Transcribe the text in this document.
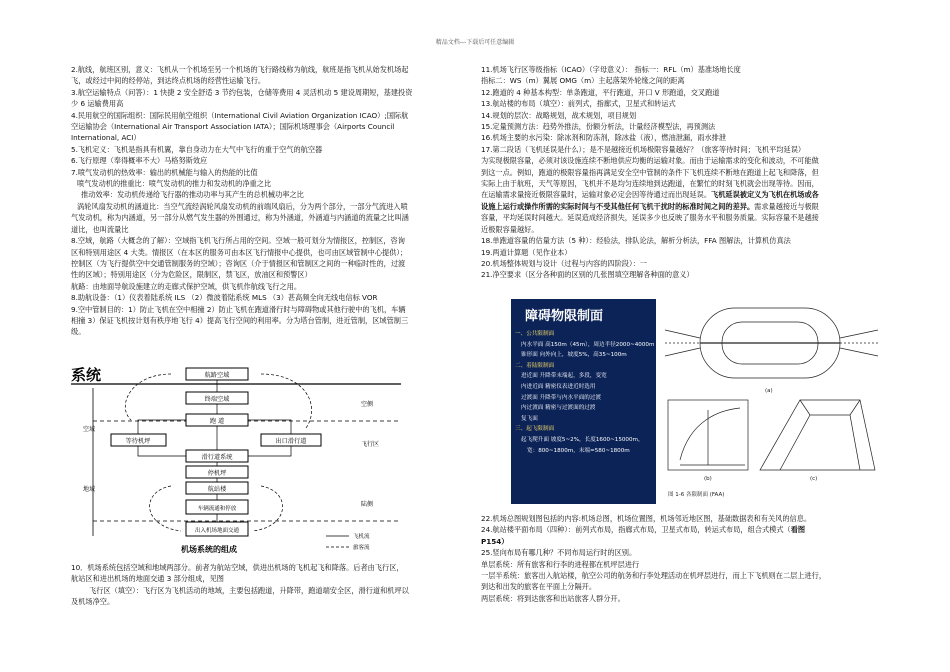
精品文档---下载后可任意编辑

2.航线，航班区别，意义：飞机从一个机场至另一个机场的飞行路线称为航线，航班是指飞机从始发机场起

飞，或经过中间的经停站，到达终点机场的经营性运输飞行。

3.航空运输特点（问答）：1 快捷 2 安全舒适 3 节约包装，仓储等费用 4 灵活机动 5 建设周期短，基建投资

少 6 运输费用高

4.民用航空的国际组织：国际民用航空组织（International Civil Aviation Organization ICAO）;国际航

空运输协会（International Air Transport Association IATA）；国际机场理事会（Airports Council

International, ACI）

5.飞机定义：飞机是指具有机翼，靠自身动力在大气中飞行的重于空气的航空器

6.飞行原理（奉得概率不大）马格努斯效应

7.喷气发动机的热效率：输出的机械能与输入的热能的比值

喷气发动机的推重比：喷气发动机的推力和发动机的净重之比

推动效率：发动机传递给飞行器的推动功率与其产生的总机械功率之比

涡轮风扇发动机的涵道比：当空气流经涡轮风扇发动机的前端风扇后，分为两个部分，一部分气流进入喷

气发动机，称为内涵道，另一部分从燃气发生器的外围通过，称为外涵道，外涵道与内涵道的流量之比叫涵

道比，也叫流量比

8.空域，航路（大概念的了解）：空域指飞机飞行所占用的空间。空域一般可划分为情报区，控制区，咨询

区和特别用途区 4 大类。情报区（在本区的服务可由本区飞行情报中心提供，也可由区域管制中心提供）；

控制区（为飞行提供空中交通管制服务的空域）；咨询区（介于情报区和管制区之间的一种临时性的，过渡

性的区域）；特别用途区（分为危险区，限制区，禁飞区，放油区和预警区）

航路：由地面导航设施建立的走廊式保护空域，供飞机作航线飞行之用。

8.助航设备：（1）仪表着陆系统 ILS （2）微波着陆系统 MLS （3）甚高频全向无线电信标 VOR

9.空中管制目的：1）防止飞机在空中相撞 2）防止飞机在跑道滑行时与障碍物或其他行驶中的飞机，车辆

相撞 3）保证飞机按计划有秩序地飞行 4）提高飞行空间的利用率。分为塔台管制，进近管制，区域管制三

级。

系统
空域
地域
飞行区
陆侧
空侧
航路空域
终端空域
跑 道
等待机坪	出口滑行道
滑行道系统
停机坪
航站楼
车辆流通和停放
出入机场地面交通
飞机流
旅客流
机场系统的组成

10．机场系统包括空域和地域两部分。前者为航站空域，供进出机场的飞机起飞和降落。后者由飞行区，

航站区和进出机场的地面交通 3 部分组成，见图

飞行区（填空）：飞行区为飞机活动的地域，主要包括跑道，升降带，跑道端安全区，滑行道和机坪以

及机场净空。

11.机场飞行区等级指标（ICAO）（字母意义）： 指标一：RFL（m）基准场地长度

指标二：WS（m）翼展 OMG（m）主起落架外轮缘之间的距离

12.跑道的 4 种基本构型：单条跑道，平行跑道，开口 V 形跑道，交叉跑道

13.航站楼的布局（填空）：前列式，指廊式，卫星式和转运式

14.规划的层次：战略规划，战术规划，项目规划

15.定量预测方法：趋势外推法，份额分析法，计量经济模型法，再预测法

16.机场主要的水污染：除冰剂和防冻剂，除冰盐（液），燃油泄漏，雨水排泄

17.第二段话（飞机延误是什么）；是不是越接近机场极限容量越好？（旅客等待时间；飞机平均延误）

为实现极限容量，必须对该设施连续不断地供应均衡的运输对象。而由于运输需求的变化和波动，不可能做

到这一点。例如，跑道的极限容量指再满足安全空中管制的条件下飞机连续不断地在跑道上起飞和降落，但

实际上由于航班，天气等原因，飞机并不是均匀连续地到达跑道，在繁忙的时刻飞机就会出现等待。因而，

在运输需求量接近极限容量时，运输对象必定会因等待通过而出现延误。飞机延误被定义为飞机在机场或各

设施上运行或操作所需的实际时间与不受其他任何飞机干扰时的标准时间之间的差异。需求量越接近与极限

容量，平均延误时间越大。延误造成经济损失，延误多少也反映了服务水平和服务质量。实际容量不是越接

近极限容量越好。

18.单跑道容量的估量方法（5 种）：经验法，排队论法，解析分析法，FFA 图解法，计算机仿真法

19.两道计算题（见作业本）

20.机场整体规划与设计（过程与内容的四阶段）：一

21.净空要求（区分各种面的区别的几张图填空理解各种面的意义）

障碍物限制面
一、公共限制面
内水平面 高150m（45m），周边半径2000~4000m
锥形面 向外向上，坡度5%，高35~100m
二、着陆限制面
进近面 升降带末端起，多段，变宽
内进近面 精密仪表进近时选用
过渡面 升降带与内水平面的过渡
内过渡面 精密与过渡面的过渡
复飞面
三、起飞限制面
起飞爬升面 坡度5~2%，长度1600~15000m，
宽：800~1800m，末端=580~1800m
(a)
(b)	(c)
图 1-6 各限制面 (FAA)

22.机场总图规划图包括的内容:机场总图，机场位置图，机场邻近地区图，基础数据表和有关风的信息。

24.航站楼平面布局（四种）：前列式布局，指廊式布局，卫星式布局，转运式布局，组合式模式（看图

P154）

25.竖向布局有哪几种？不同布局运行时的区别。

单层系统：所有旅客和行李的进程都在机坪层进行

一层半系统：旅客出入航站楼，航空公司的航务和行李处理活动在机坪层进行，而上下飞机则在二层上进行，

到达和出发的旅客在平面上分隔开。

两层系统：将到达旅客和出站旅客人群分开。
